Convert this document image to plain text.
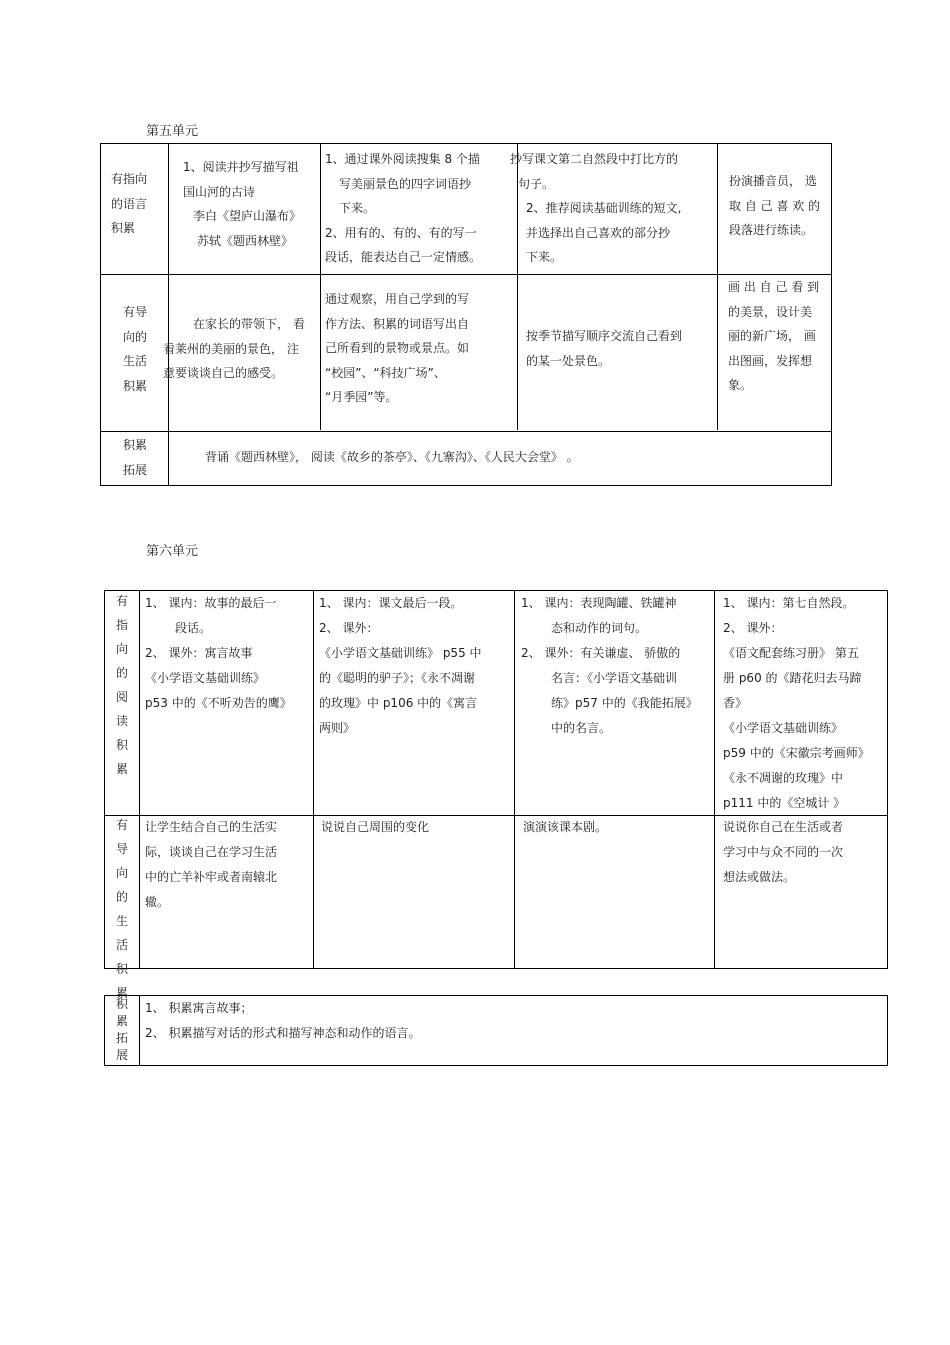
第五单元
有指向
的语言
积累
1、阅读并抄写描写祖
国山河的古诗
李白《望庐山瀑布》
苏轼《题西林壁》
1、通过课外阅读搜集 8 个描
写美丽景色的四字词语抄
下来。
2、用有的、有的、有的写一
段话，能表达自己一定情感。
抄写课文第二自然段中打比方的
句子。
2、推荐阅读基础训练的短文,
并选择出自己喜欢的部分抄
下来。
扮演播音员， 选
取 自 己 喜 欢 的
段落进行练读。
有导
向的
生活
积累
在家长的带领下， 看
看莱州的美丽的景色， 注
意要谈谈自己的感受。
通过观察，用自己学到的写
作方法、积累的词语写出自
己所看到的景物或景点。如
“校园”、“科技广场”、
“月季园”等。
按季节描写顺序交流自己看到
的某一处景色。
画 出 自 己 看 到
的美景，设计美
丽的新广场， 画
出图画，发挥想
象。
积累
拓展
背诵《题西林壁》， 阅读《故乡的茶亭》、《九寨沟》、《人民大会堂》 。
第六单元
有
指
向
的
阅
读
积
累
1、 课内：故事的最后一
段话。
2、 课外：寓言故事
《小学语文基础训练》
p53 中的《不听劝告的鹰》
1、 课内：课文最后一段。
2、 课外：
《小学语文基础训练》 p55 中
的《聪明的驴子》；《永不凋谢
的玫瑰》中 p106 中的《寓言
两则》
1、 课内：表现陶罐、铁罐神
态和动作的词句。
2、 课外：有关谦虚、 骄傲的
名言：《小学语文基础训
练》p57 中的《我能拓展》
中的名言。
1、 课内：第七自然段。
2、 课外：
《语文配套练习册》 第五
册 p60 的《踏花归去马蹄
香》
《小学语文基础训练》
p59 中的《宋徽宗考画师》
《永不凋谢的玫瑰》中
p111 中的《空城计 》
有
导
向
的
生
活
积
累
让学生结合自己的生活实
际，谈谈自己在学习生活
中的亡羊补牢或者南辕北
辙。
说说自己周围的变化	演演该课本剧。	说说你自己在生活或者
学习中与众不同的一次
想法或做法。
积
累
拓
展
1、 积累寓言故事；
2、 积累描写对话的形式和描写神态和动作的语言。
